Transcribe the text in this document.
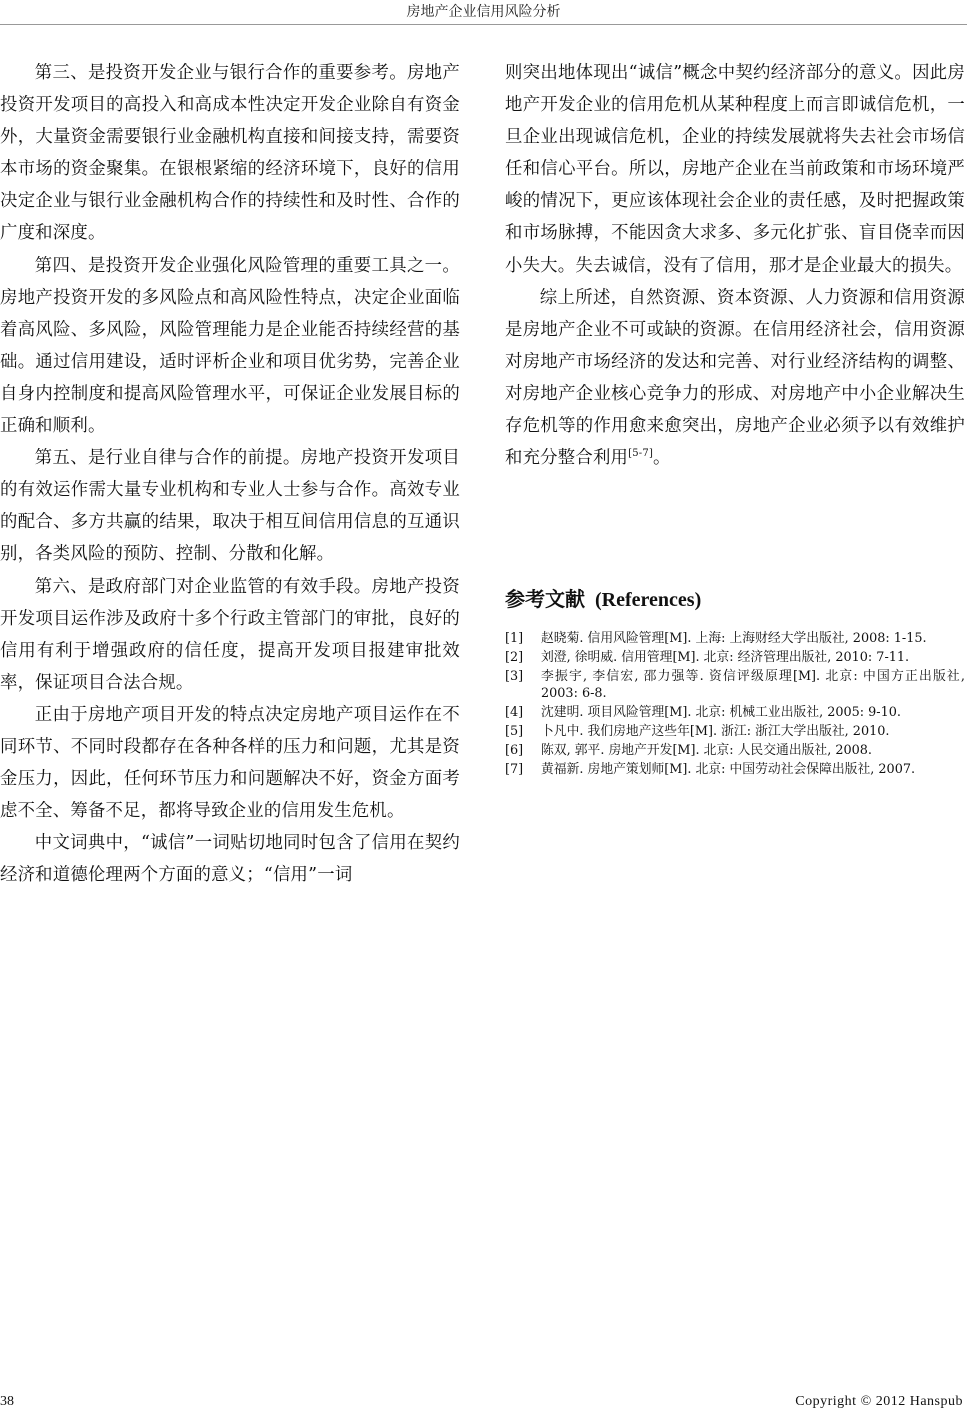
房地产企业信用风险分析

第三、是投资开发企业与银行合作的重要参考。房地产投资开发项目的高投入和高成本性决定开发企业除自有资金外，大量资金需要银行业金融机构直接和间接支持，需要资本市场的资金聚集。在银根紧缩的经济环境下，良好的信用决定企业与银行业金融机构合作的持续性和及时性、合作的广度和深度。

第四、是投资开发企业强化风险管理的重要工具之一。房地产投资开发的多风险点和高风险性特点，决定企业面临着高风险、多风险，风险管理能力是企业能否持续经营的基础。通过信用建设，适时评析企业和项目优劣势，完善企业自身内控制度和提高风险管理水平，可保证企业发展目标的正确和顺利。

第五、是行业自律与合作的前提。房地产投资开发项目的有效运作需大量专业机构和专业人士参与合作。高效专业的配合、多方共赢的结果，取决于相互间信用信息的互通识别，各类风险的预防、控制、分散和化解。

第六、是政府部门对企业监管的有效手段。房地产投资开发项目运作涉及政府十多个行政主管部门的审批，良好的信用有利于增强政府的信任度，提高开发项目报建审批效率，保证项目合法合规。

正由于房地产项目开发的特点决定房地产项目运作在不同环节、不同时段都存在各种各样的压力和问题，尤其是资金压力，因此，任何环节压力和问题解决不好，资金方面考虑不全、筹备不足，都将导致企业的信用发生危机。

中文词典中，“诚信”一词贴切地同时包含了信用在契约经济和道德伦理两个方面的意义；“信用”一词

则突出地体现出“诚信”概念中契约经济部分的意义。因此房地产开发企业的信用危机从某种程度上而言即诚信危机，一旦企业出现诚信危机，企业的持续发展就将失去社会市场信任和信心平台。所以，房地产企业在当前政策和市场环境严峻的情况下，更应该体现社会企业的责任感，及时把握政策和市场脉搏，不能因贪大求多、多元化扩张、盲目侥幸而因小失大。失去诚信，没有了信用，那才是企业最大的损失。

综上所述，自然资源、资本资源、人力资源和信用资源是房地产企业不可或缺的资源。在信用经济社会，信用资源对房地产市场经济的发达和完善、对行业经济结构的调整、对房地产企业核心竞争力的形成、对房地产中小企业解决生存危机等的作用愈来愈突出，房地产企业必须予以有效维护和充分整合利用[5-7]。

参考文献 (References)
[1]	赵晓菊. 信用风险管理[M]. 上海: 上海财经大学出版社, 2008: 1-15.
[2]	刘澄, 徐明威. 信用管理[M]. 北京: 经济管理出版社, 2010: 7-11.
[3]	李振宇, 李信宏, 邵力强等. 资信评级原理[M]. 北京: 中国方正出版社, 2003: 6-8.
[4]	沈建明. 项目风险管理[M]. 北京: 机械工业出版社, 2005: 9-10.
[5]	卜凡中. 我们房地产这些年[M]. 浙江: 浙江大学出版社, 2010.
[6]	陈双, 郭平. 房地产开发[M]. 北京: 人民交通出版社, 2008.
[7]	黄福新. 房地产策划师[M]. 北京: 中国劳动社会保障出版社, 2007.
38	Copyright © 2012 Hanspub
